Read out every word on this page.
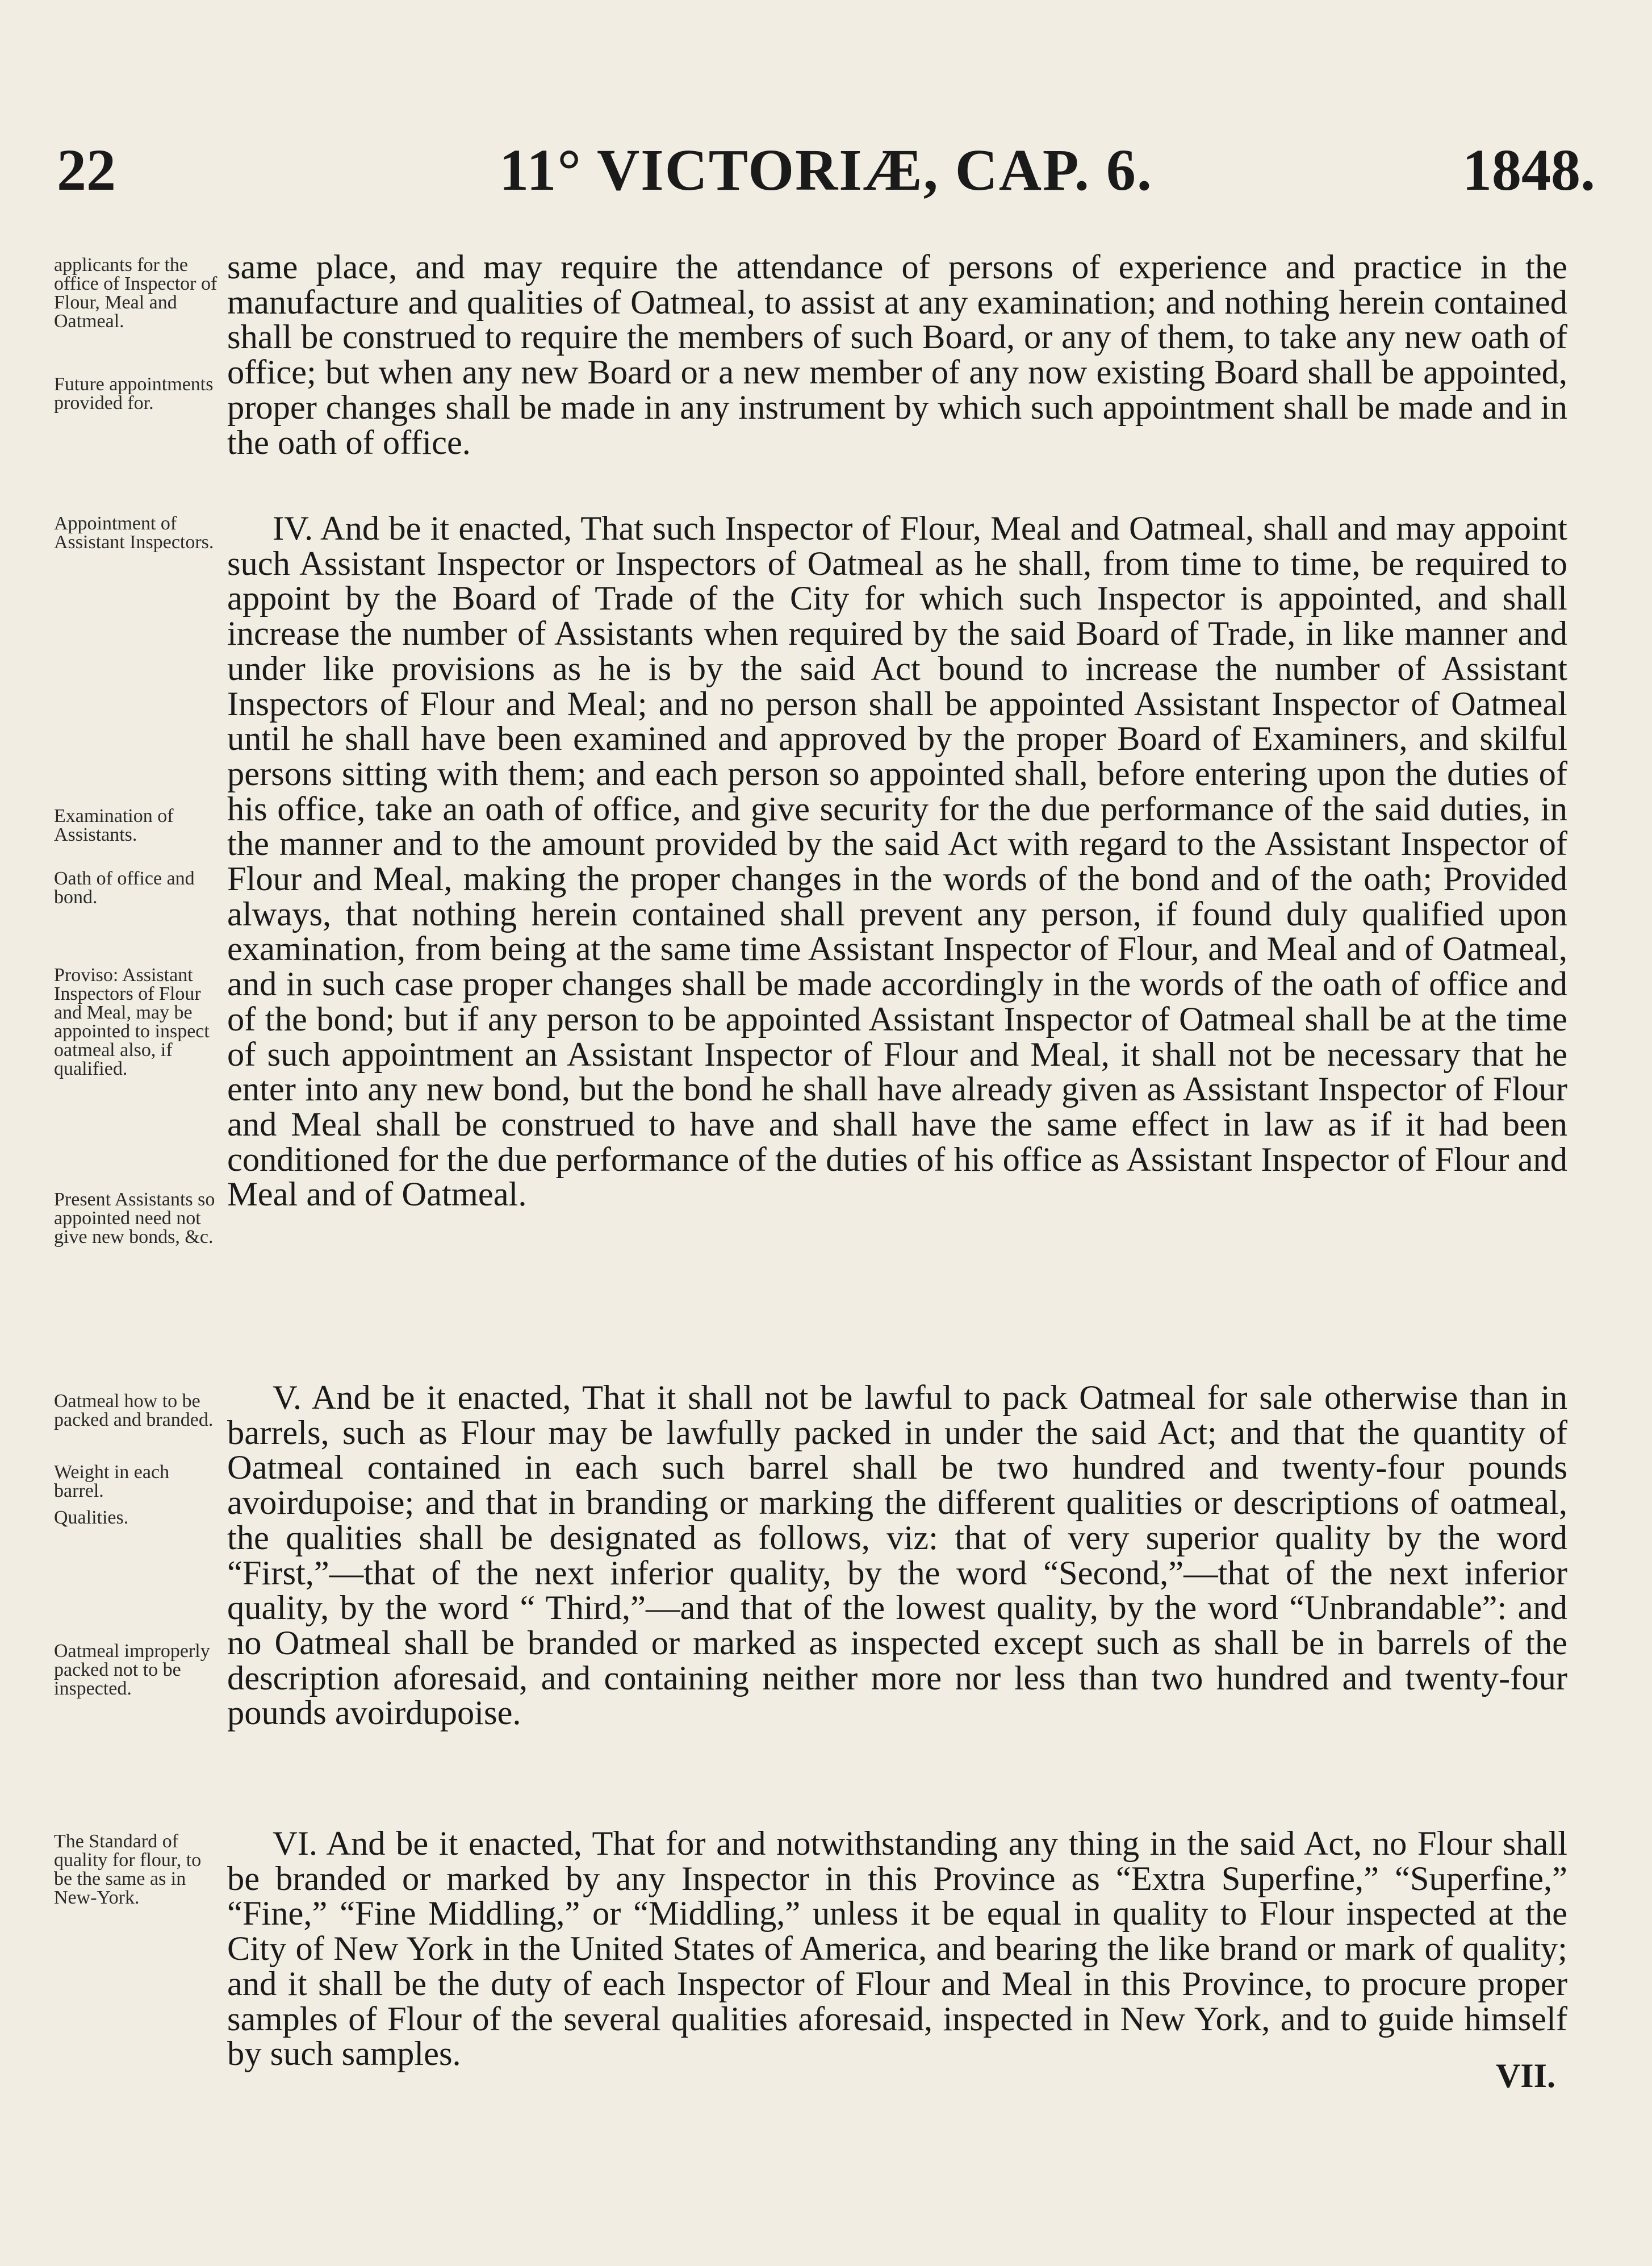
22	11° VICTORIÆ, CAP. 6.	1848.
applicants for the office of Inspector of Flour, Meal and Oatmeal.
Future appointments provided for.
Appointment of Assistant Inspectors.
Examination of Assistants.
Oath of office and bond.
Proviso: Assistant Inspectors of Flour and Meal, may be appointed to inspect oatmeal also, if qualified.
Present Assistants so appointed need not give new bonds, &c.
Oatmeal how to be packed and branded.
Weight in each barrel.
Qualities.
Oatmeal improperly packed not to be inspected.
The Standard of quality for flour, to be the same as in New-York.

same place, and may require the attendance of persons of experience and practice in the manufacture and qualities of Oatmeal, to assist at any examination; and nothing herein contained shall be construed to require the members of such Board, or any of them, to take any new oath of office; but when any new Board or a new member of any now existing Board shall be appointed, proper changes shall be made in any instrument by which such appointment shall be made and in the oath of office.

IV. And be it enacted, That such Inspector of Flour, Meal and Oatmeal, shall and may appoint such Assistant Inspector or Inspectors of Oatmeal as he shall, from time to time, be required to appoint by the Board of Trade of the City for which such Inspector is appointed, and shall increase the number of Assistants when required by the said Board of Trade, in like manner and under like provisions as he is by the said Act bound to increase the number of Assistant Inspectors of Flour and Meal; and no person shall be appointed Assistant Inspector of Oatmeal until he shall have been examined and approved by the proper Board of Examiners, and skilful persons sitting with them; and each person so appointed shall, before entering upon the duties of his office, take an oath of office, and give security for the due performance of the said duties, in the manner and to the amount provided by the said Act with regard to the Assistant Inspector of Flour and Meal, making the proper changes in the words of the bond and of the oath; Provided always, that nothing herein contained shall prevent any person, if found duly qualified upon examination, from being at the same time Assistant Inspector of Flour, and Meal and of Oatmeal, and in such case proper changes shall be made accordingly in the words of the oath of office and of the bond; but if any person to be appointed Assistant Inspector of Oatmeal shall be at the time of such appointment an Assistant Inspector of Flour and Meal, it shall not be necessary that he enter into any new bond, but the bond he shall have already given as Assistant Inspector of Flour and Meal shall be construed to have and shall have the same effect in law as if it had been conditioned for the due performance of the duties of his office as Assistant Inspector of Flour and Meal and of Oatmeal.

V. And be it enacted, That it shall not be lawful to pack Oatmeal for sale otherwise than in barrels, such as Flour may be lawfully packed in under the said Act; and that the quantity of Oatmeal contained in each such barrel shall be two hundred and twenty-four pounds avoirdupoise; and that in branding or marking the different qualities or descriptions of oatmeal, the qualities shall be designated as follows, viz: that of very superior quality by the word “First,”—that of the next inferior quality, by the word “Second,”—that of the next inferior quality, by the word “ Third,”—and that of the lowest quality, by the word “Unbrandable”: and no Oatmeal shall be branded or marked as inspected except such as shall be in barrels of the description aforesaid, and containing neither more nor less than two hundred and twenty-four pounds avoirdupoise.

VI. And be it enacted, That for and notwithstanding any thing in the said Act, no Flour shall be branded or marked by any Inspector in this Province as “Extra Superfine,” “Superfine,” “Fine,” “Fine Middling,” or “Middling,” unless it be equal in quality to Flour inspected at the City of New York in the United States of America, and bearing the like brand or mark of quality; and it shall be the duty of each Inspector of Flour and Meal in this Province, to procure proper samples of Flour of the several qualities aforesaid, inspected in New York, and to guide himself by such samples.

VII.
